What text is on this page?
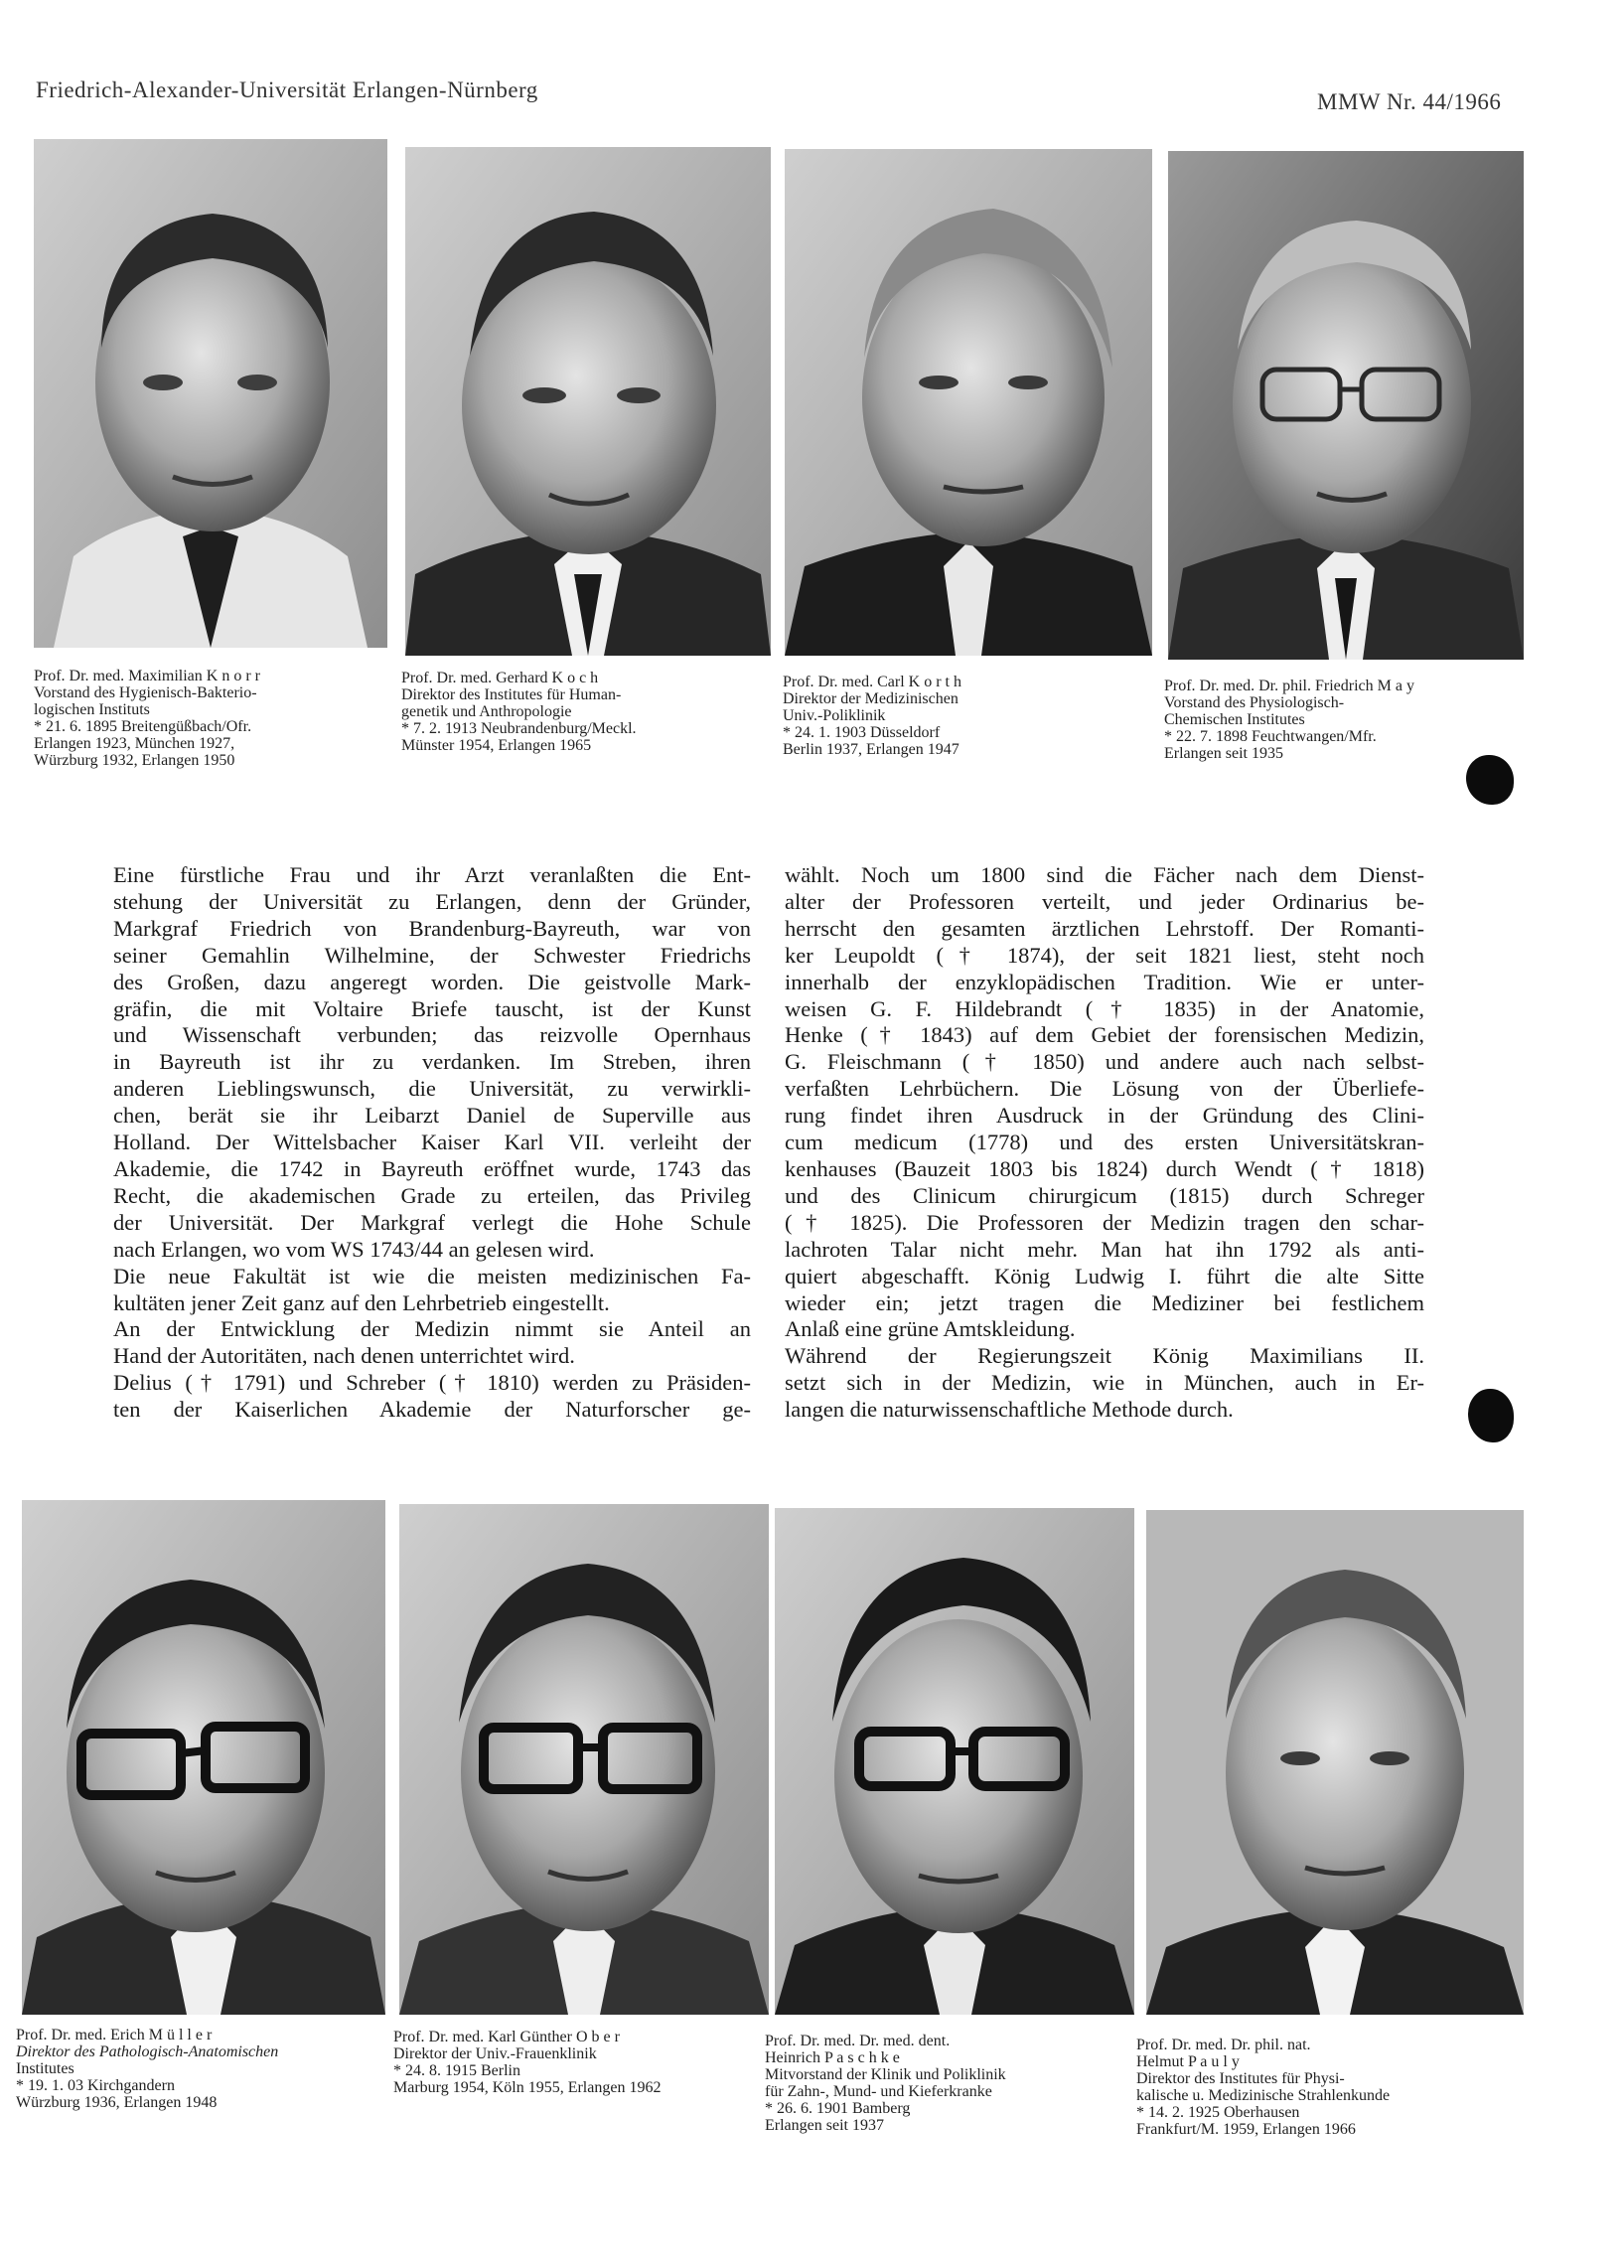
Friedrich-Alexander-Universität Erlangen-Nürnberg	MMW Nr. 44/1966
Prof. Dr. med. Maximilian K n o r r
Vorstand des Hygienisch-Bakterio-
logischen Instituts
* 21. 6. 1895 Breitengüßbach/Ofr.
Erlangen 1923, München 1927,
Würzburg 1932, Erlangen 1950
Prof. Dr. med. Gerhard K o c h
Direktor des Institutes für Human-
genetik und Anthropologie
* 7. 2. 1913 Neubrandenburg/Meckl.
Münster 1954, Erlangen 1965
Prof. Dr. med. Carl K o r t h
Direktor der Medizinischen
Univ.-Poliklinik
* 24. 1. 1903 Düsseldorf
Berlin 1937, Erlangen 1947
Prof. Dr. med. Dr. phil. Friedrich M a y
Vorstand des Physiologisch-
Chemischen Institutes
* 22. 7. 1898 Feuchtwangen/Mfr.
Erlangen seit 1935
Eine fürstliche Frau und ihr Arzt veranlaßten die Ent-
stehung der Universität zu Erlangen, denn der Gründer,
Markgraf Friedrich von Brandenburg-Bayreuth, war von
seiner Gemahlin Wilhelmine, der Schwester Friedrichs
des Großen, dazu angeregt worden. Die geistvolle Mark-
gräfin, die mit Voltaire Briefe tauscht, ist der Kunst
und Wissenschaft verbunden; das reizvolle Opernhaus
in Bayreuth ist ihr zu verdanken. Im Streben, ihren
anderen Lieblingswunsch, die Universität, zu verwirkli-
chen, berät sie ihr Leibarzt Daniel de Superville aus
Holland. Der Wittelsbacher Kaiser Karl VII. verleiht der
Akademie, die 1742 in Bayreuth eröffnet wurde, 1743 das
Recht, die akademischen Grade zu erteilen, das Privileg
der Universität. Der Markgraf verlegt die Hohe Schule
nach Erlangen, wo vom WS 1743/44 an gelesen wird.
Die neue Fakultät ist wie die meisten medizinischen Fa-
kultäten jener Zeit ganz auf den Lehrbetrieb eingestellt.
An der Entwicklung der Medizin nimmt sie Anteil an
Hand der Autoritäten, nach denen unterrichtet wird.
Delius († 1791) und Schreber († 1810) werden zu Präsiden-
ten der Kaiserlichen Akademie der Naturforscher ge-
wählt. Noch um 1800 sind die Fächer nach dem Dienst-
alter der Professoren verteilt, und jeder Ordinarius be-
herrscht den gesamten ärztlichen Lehrstoff. Der Romanti-
ker Leupoldt († 1874), der seit 1821 liest, steht noch
innerhalb der enzyklopädischen Tradition. Wie er unter-
weisen G. F. Hildebrandt († 1835) in der Anatomie,
Henke († 1843) auf dem Gebiet der forensischen Medizin,
G. Fleischmann († 1850) und andere auch nach selbst-
verfaßten Lehrbüchern. Die Lösung von der Überliefe-
rung findet ihren Ausdruck in der Gründung des Clini-
cum medicum (1778) und des ersten Universitätskran-
kenhauses (Bauzeit 1803 bis 1824) durch Wendt († 1818)
und des Clinicum chirurgicum (1815) durch Schreger
(† 1825). Die Professoren der Medizin tragen den schar-
lachroten Talar nicht mehr. Man hat ihn 1792 als anti-
quiert abgeschafft. König Ludwig I. führt die alte Sitte
wieder ein; jetzt tragen die Mediziner bei festlichem
Anlaß eine grüne Amtskleidung.
Während der Regierungszeit König Maximilians II.
setzt sich in der Medizin, wie in München, auch in Er-
langen die naturwissenschaftliche Methode durch.
Prof. Dr. med. Erich M ü l l e r
Direktor des Pathologisch-Anatomischen
Institutes
* 19. 1. 03 Kirchgandern
Würzburg 1936, Erlangen 1948
Prof. Dr. med. Karl Günther O b e r
Direktor der Univ.-Frauenklinik
* 24. 8. 1915 Berlin
Marburg 1954, Köln 1955, Erlangen 1962
Prof. Dr. med. Dr. med. dent.
Heinrich P a s c h k e
Mitvorstand der Klinik und Poliklinik
für Zahn-, Mund- und Kieferkranke
* 26. 6. 1901 Bamberg
Erlangen seit 1937
Prof. Dr. med. Dr. phil. nat.
Helmut P a u l y
Direktor des Institutes für Physi-
kalische u. Medizinische Strahlenkunde
* 14. 2. 1925 Oberhausen
Frankfurt/M. 1959, Erlangen 1966
